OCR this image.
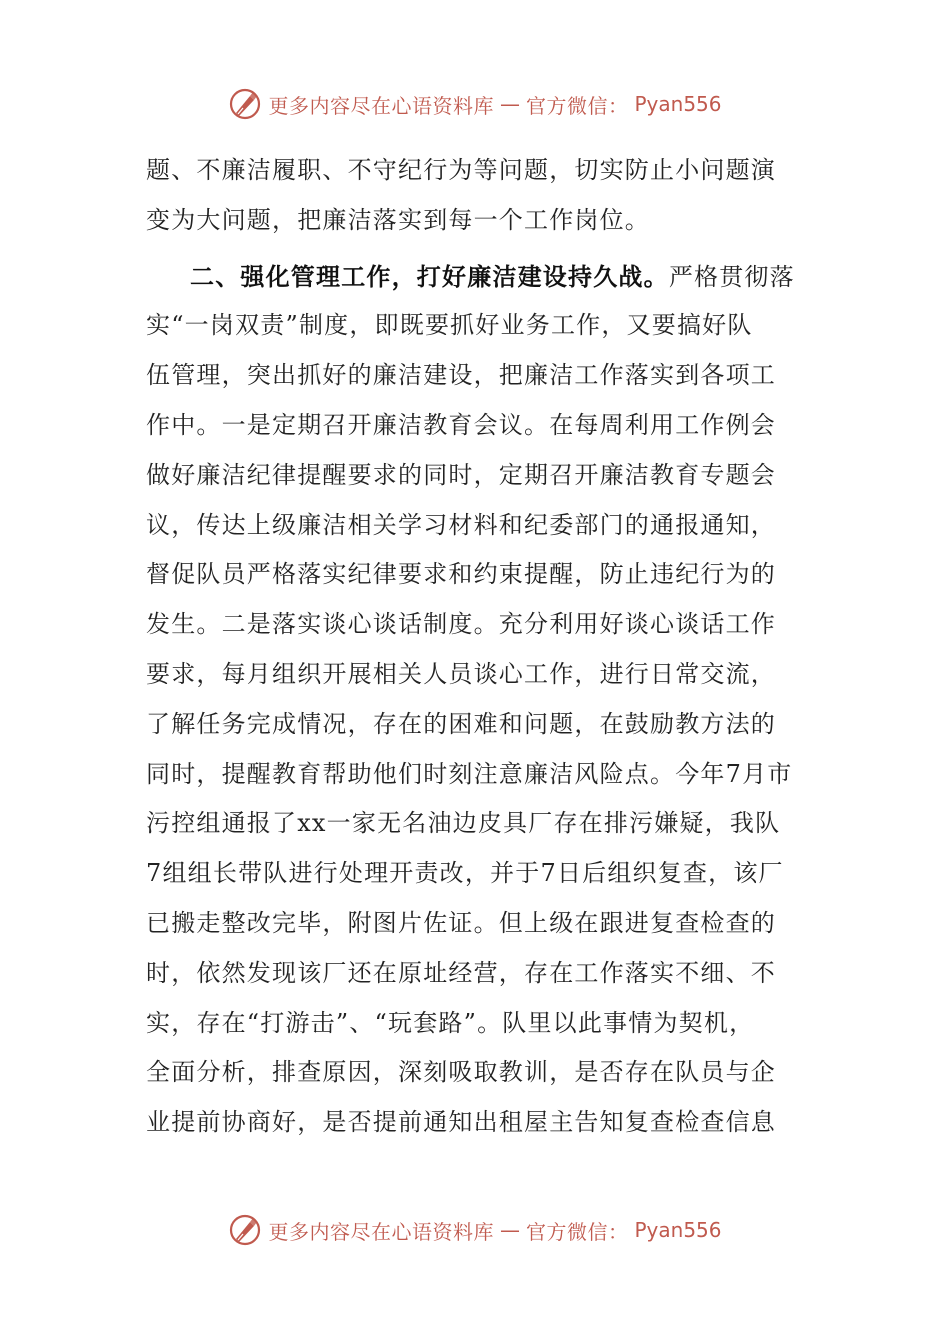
更多内容尽在心语资料库 — 官方微信： Pyan556
题、不廉洁履职、不守纪行为等问题，切实防止小问题演
变为大问题，把廉洁落实到每一个工作岗位。
二、强化管理工作，打好廉洁建设持久战。严格贯彻落
实“一岗双责”制度，即既要抓好业务工作，又要搞好队
伍管理，突出抓好的廉洁建设，把廉洁工作落实到各项工
作中。一是定期召开廉洁教育会议。在每周利用工作例会
做好廉洁纪律提醒要求的同时，定期召开廉洁教育专题会
议，传达上级廉洁相关学习材料和纪委部门的通报通知，
督促队员严格落实纪律要求和约束提醒，防止违纪行为的
发生。二是落实谈心谈话制度。充分利用好谈心谈话工作
要求，每月组织开展相关人员谈心工作，进行日常交流，
了解任务完成情况，存在的困难和问题，在鼓励教方法的
同时，提醒教育帮助他们时刻注意廉洁风险点。今年7月市
污控组通报了xx一家无名油边皮具厂存在排污嫌疑，我队
7组组长带队进行处理开责改，并于7日后组织复查，该厂
已搬走整改完毕，附图片佐证。但上级在跟进复查检查的
时，依然发现该厂还在原址经营，存在工作落实不细、不
实，存在“打游击”、“玩套路”。队里以此事情为契机，
全面分析，排查原因，深刻吸取教训，是否存在队员与企
业提前协商好，是否提前通知出租屋主告知复查检查信息
更多内容尽在心语资料库 — 官方微信： Pyan556
